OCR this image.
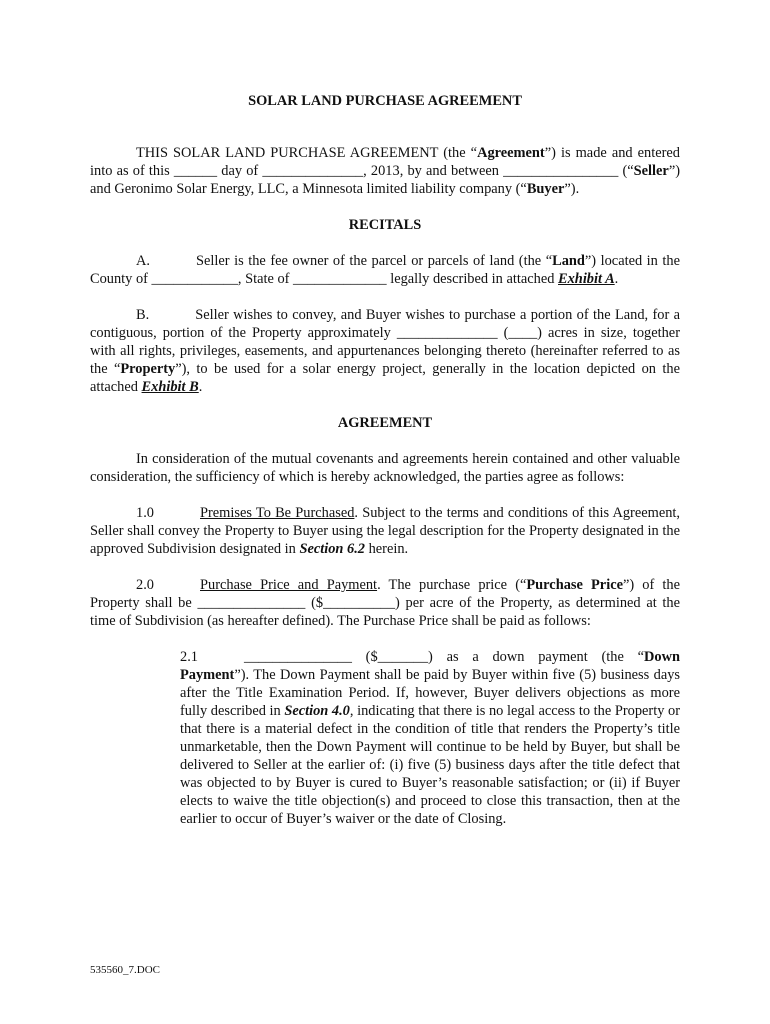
SOLAR LAND PURCHASE AGREEMENT

THIS SOLAR LAND PURCHASE AGREEMENT (the “Agreement”) is made and entered into as of this ______ day of ______________, 2013, by and between ________________ (“Seller”) and Geronimo Solar Energy, LLC, a Minnesota limited liability company (“Buyer”).

RECITALS

A.	Seller is the fee owner of the parcel or parcels of land (the “Land”) located in the County of ____________, State of _____________ legally described in attached Exhibit A.

B.	Seller wishes to convey, and Buyer wishes to purchase a portion of the Land, for a contiguous, portion of the Property approximately ______________ (____) acres in size, together with all rights, privileges, easements, and appurtenances belonging thereto (hereinafter referred to as the “Property”), to be used for a solar energy project, generally in the location depicted on the attached Exhibit B.

AGREEMENT

In consideration of the mutual covenants and agreements herein contained and other valuable consideration, the sufficiency of which is hereby acknowledged, the parties agree as follows:

1.0	Premises To Be Purchased. Subject to the terms and conditions of this Agreement, Seller shall convey the Property to Buyer using the legal description for the Property designated in the approved Subdivision designated in Section 6.2 herein.

2.0	Purchase Price and Payment. The purchase price (“Purchase Price”) of the Property shall be _______________ ($__________) per acre of the Property, as determined at the time of Subdivision (as hereafter defined). The Purchase Price shall be paid as follows:

2.1	_______________ ($_______) as a down payment (the “Down Payment”). The Down Payment shall be paid by Buyer within five (5) business days after the Title Examination Period. If, however, Buyer delivers objections as more fully described in Section 4.0, indicating that there is no legal access to the Property or that there is a material defect in the condition of title that renders the Property’s title unmarketable, then the Down Payment will continue to be held by Buyer, but shall be delivered to Seller at the earlier of: (i) five (5) business days after the title defect that was objected to by Buyer is cured to Buyer’s reasonable satisfaction; or (ii) if Buyer elects to waive the title objection(s) and proceed to close this transaction, then at the earlier to occur of Buyer’s waiver or the date of Closing.

535560_7.DOC
